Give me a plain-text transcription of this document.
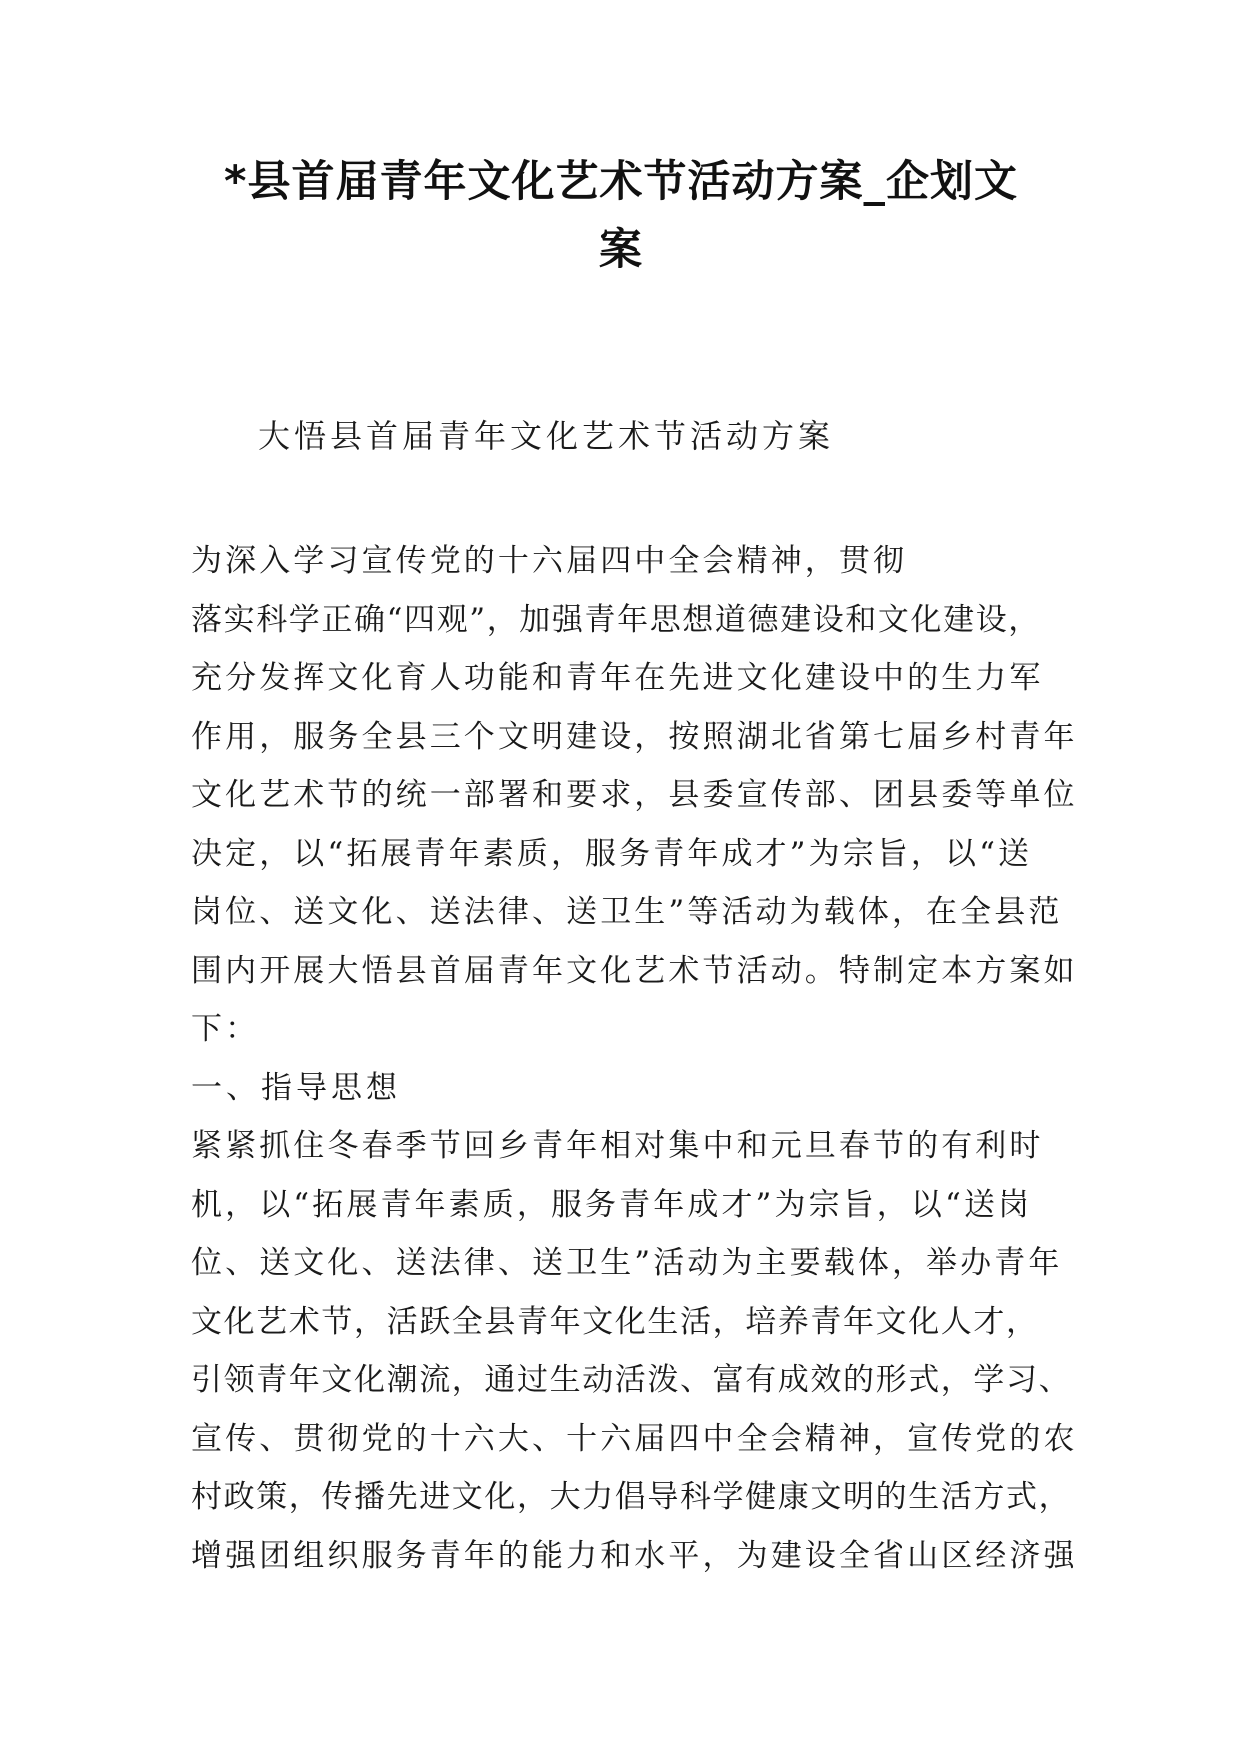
*县首届青年文化艺术节活动方案_企划文
案

大悟县首届青年文化艺术节活动方案

为深入学习宣传党的十六届四中全会精神，贯彻
落实科学正确“四观”，加强青年思想道德建设和文化建设，
充分发挥文化育人功能和青年在先进文化建设中的生力军
作用，服务全县三个文明建设，按照湖北省第七届乡村青年
文化艺术节的统一部署和要求，县委宣传部、团县委等单位
决定，以“拓展青年素质，服务青年成才”为宗旨，以“送
岗位、送文化、送法律、送卫生”等活动为载体，在全县范
围内开展大悟县首届青年文化艺术节活动。特制定本方案如
下：
一、指导思想
紧紧抓住冬春季节回乡青年相对集中和元旦春节的有利时
机，以“拓展青年素质，服务青年成才”为宗旨，以“送岗
位、送文化、送法律、送卫生”活动为主要载体，举办青年
文化艺术节，活跃全县青年文化生活，培养青年文化人才，
引领青年文化潮流，通过生动活泼、富有成效的形式，学习、
宣传、贯彻党的十六大、十六届四中全会精神，宣传党的农
村政策，传播先进文化，大力倡导科学健康文明的生活方式，
增强团组织服务青年的能力和水平，为建设全省山区经济强
